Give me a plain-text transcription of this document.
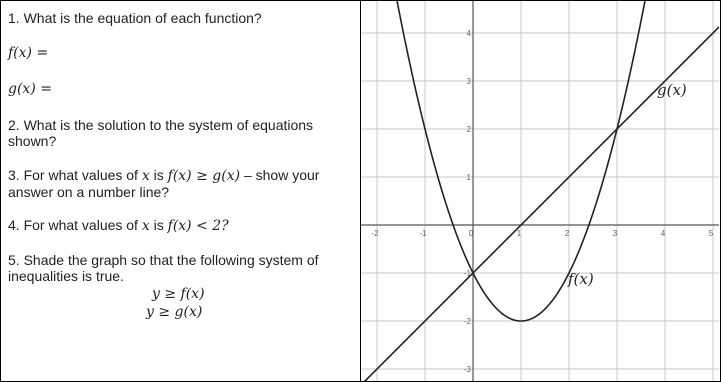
1. What is the equation of each function?

f(x) =

g(x) =

2. What is the solution to the system of equations shown?

3. For what values of x is f(x) ≥ g(x) – show your answer on a number line?

4. For what values of x is f(x) < 2?

5. Shade the graph so that the following system of inequalities is true.

y ≥ f(x)
y ≥ g(x)
-2	-1	0	1	2	3	4	5
1
2
3
4
-1
-2
-3
g(x)
f(x)
